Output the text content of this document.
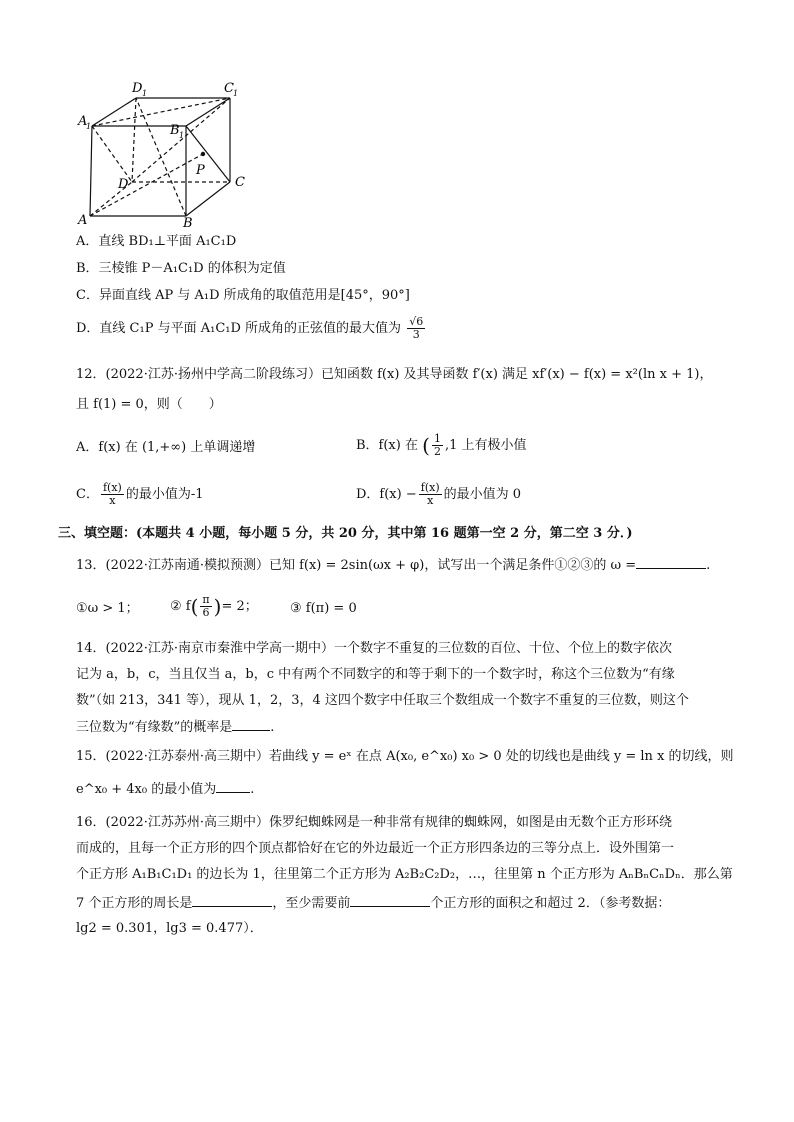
A
1
D 1	C 1
B 1
A	B
C
D
P
A．直线 BD₁⊥平面 A₁C₁D
B．三棱锥 P－A₁C₁D 的体积为定值
C．异面直线 AP 与 A₁D 所成角的取值范用是[45°，90°]
D．直线 C₁P 与平面 A₁C₁D 所成角的正弦值的最大值为 $\frac{√6}{3}$
12．(2022·江苏·扬州中学高二阶段练习）已知函数 f(x) 及其导函数 f′(x) 满足 xf′(x) − f(x) = x²(ln x + 1)，
且 f(1) = 0，则（　　）
A．f(x) 在 (1,+∞) 上单调递增	B．f(x) 在 ( $\frac{1}{2} ,1$ 上有极小值
C． $\frac{f(x)}{x}$ 的最小值为-1	D．$f(x) - \frac{f(x)}{x}$ 的最小值为 0
三、填空题：(本题共 4 小题，每小题 5 分，共 20 分，其中第 16 题第一空 2 分，第二空 3 分．)
13．(2022·江苏南通·模拟预测）已知 f(x) = 2sin(ωx + φ)，试写出一个满足条件①②③的 ω =	.
①ω > 1； ② $f( \frac{\pi}{6}$ )= 2； ③ f(π) = 0
14．(2022·江苏·南京市秦淮中学高一期中）一个数字不重复的三位数的百位、十位、个位上的数字依次
记为 a，b，c，当且仅当 a，b，c 中有两个不同数字的和等于剩下的一个数字时，称这个三位数为“有缘
数”（如 213，341 等），现从 1，2，3，4 这四个数字中任取三个数组成一个数字不重复的三位数，则这个
三位数为“有缘数”的概率是	.
15．(2022·江苏泰州·高三期中）若曲线 y = eˣ 在点 A(x₀, e^x₀) x₀ > 0 处的切线也是曲线 y = ln x 的切线，则
e^x₀ + 4x₀ 的最小值为	.
16．(2022·江苏苏州·高三期中）侏罗纪蜘蛛网是一种非常有规律的蜘蛛网，如图是由无数个正方形环绕
而成的，且每一个正方形的四个顶点都恰好在它的外边最近一个正方形四条边的三等分点上．设外围第一
个正方形 A₁B₁C₁D₁ 的边长为 1，往里第二个正方形为 A₂B₂C₂D₂，…，往里第 n 个正方形为 AₙBₙCₙDₙ．那么第
7 个正方形的周长是	，至少需要前	个正方形的面积之和超过 2．（参考数据：
lg2 = 0.301，lg3 = 0.477）．
